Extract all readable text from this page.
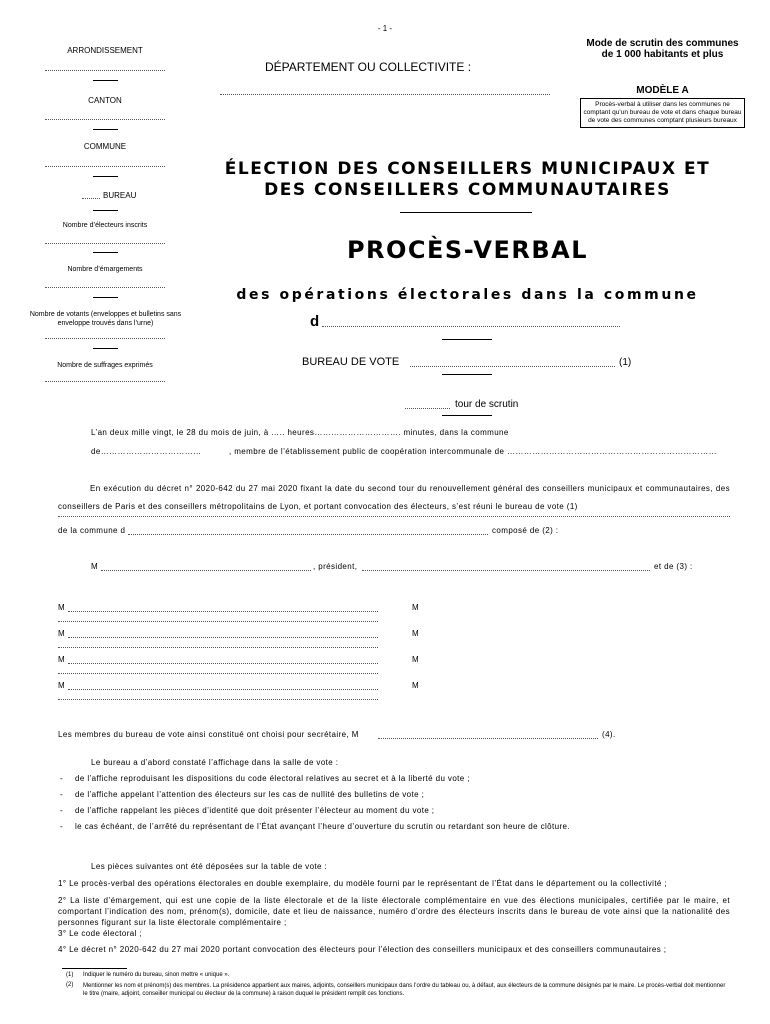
- 1 -
ARRONDISSEMENT
CANTON
COMMUNE
BUREAU
Nombre d’électeurs inscrits
Nombre d’émargements
Nombre de votants (enveloppes et bulletins sans enveloppe trouvés dans l’urne)
Nombre de suffrages exprimés
DÉPARTEMENT OU COLLECTIVITE :
Mode de scrutin des communes de 1 000 habitants et plus
MODÈLE A
Procès-verbal à utiliser dans les communes ne comptant qu’un bureau de vote et dans chaque bureau de vote des communes comptant plusieurs bureaux
ÉLECTION DES CONSEILLERS MUNICIPAUX ET DES CONSEILLERS COMMUNAUTAIRES
PROCÈS-VERBAL
des opérations électorales dans la commune
d
BUREAU DE VOTE	(1)
tour de scrutin
L’an deux mille vingt, le 28 du mois de juin, à ….. heures…………………………. minutes, dans la commune
de………………………………	, membre de l’établissement public de coopération intercommunale de …………………………………………………………………
En exécution du décret n° 2020-642 du 27 mai 2020 fixant la date du second tour du renouvellement général des conseillers municipaux et communautaires, des conseillers de Paris et des conseillers métropolitains de Lyon, et portant convocation des électeurs, s’est réuni le bureau de vote (1)
de la commune d	composé de (2) :
M	, président,	et de (3) :
M	M
M	M
M	M
M	M
Les membres du bureau de vote ainsi constitué ont choisi pour secrétaire, M	(4).
Le bureau a d’abord constaté l’affichage dans la salle de vote :
- de l’affiche reproduisant les dispositions du code électoral relatives au secret et à la liberté du vote ;
- de l’affiche appelant l’attention des électeurs sur les cas de nullité des bulletins de vote ;
- de l’affiche rappelant les pièces d’identité que doit présenter l’électeur au moment du vote ;
- le cas échéant, de l’arrêté du représentant de l’État avançant l’heure d’ouverture du scrutin ou retardant son heure de clôture.
Les pièces suivantes ont été déposées sur la table de vote :
1° Le procès-verbal des opérations électorales en double exemplaire, du modèle fourni par le représentant de l’État dans le département ou la collectivité ;
2° La liste d’émargement, qui est une copie de la liste électorale et de la liste électorale complémentaire en vue des élections municipales, certifiée par le maire, et comportant l’indication des nom, prénom(s), domicile, date et lieu de naissance, numéro d’ordre des électeurs inscrits dans le bureau de vote ainsi que la nationalité des personnes figurant sur la liste électorale complémentaire ;
3° Le code électoral ;
4° Le décret n° 2020-642 du 27 mai 2020 portant convocation des électeurs pour l’élection des conseillers municipaux et des conseillers communautaires ;
(1) Indiquer le numéro du bureau, sinon mettre « unique ».
(2) Mentionner les nom et prénom(s) des membres. La présidence appartient aux maires, adjoints, conseillers municipaux dans l’ordre du tableau ou, à défaut, aux électeurs de la commune désignés par le maire. Le procès-verbal doit mentionner le titre (maire, adjoint, conseiller municipal ou électeur de la commune) à raison duquel le président remplit ces fonctions.
